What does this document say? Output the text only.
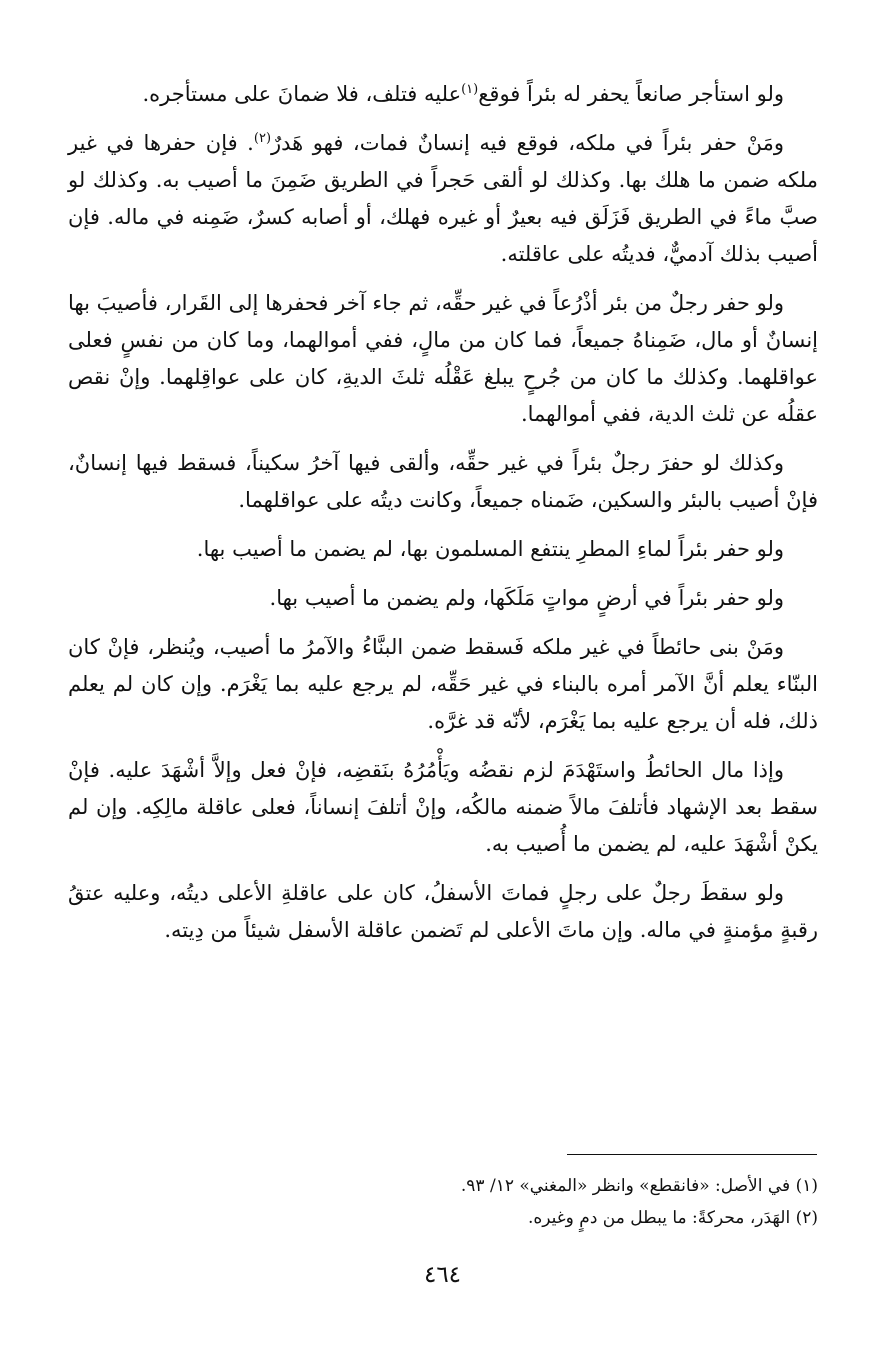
ولو استأجر صانعاً يحفر له بئراً فوقع$^{(١)}$عليه فتلف، فلا ضمانَ على مستأجره.

ومَنْ حفر بئراً في ملكه، فوقع فيه إنسانٌ فمات، فهو هَدرٌ$^{(٢)}$. فإن حفرها في غير ملكه ضمن ما هلك بها. وكذلك لو ألقى حَجراً في الطريق ضَمِنَ ما أصيب به. وكذلك لو صبَّ ماءً في الطريق فَزَلَق فيه بعيرٌ أو غيره فهلك، أو أصابه كسرٌ، ضَمِنه في ماله. فإن أصيب بذلك آدميٌّ، فديتُه على عاقلته.

ولو حفر رجلٌ من بئر أذْرُعاً في غير حقِّه، ثم جاء آخر فحفرها إلى القَرار، فأصيبَ بها إنسانٌ أو مال، ضَمِناهُ جميعاً، فما كان من مالٍ، ففي أموالهما، وما كان من نفسٍ فعلى عواقلهما. وكذلك ما كان من جُرحٍ يبلغ عَقْلُه ثلثَ الديةِ، كان على عواقِلهما. وإنْ نقص عقلُه عن ثلث الدية، ففي أموالهما.

وكذلك لو حفرَ رجلٌ بئراً في غير حقِّه، وألقى فيها آخرُ سكيناً، فسقط فيها إنسانٌ، فإنْ أصيب بالبئر والسكين، ضَمناه جميعاً، وكانت ديتُه على عواقلهما.

ولو حفر بئراً لماءِ المطرِ ينتفع المسلمون بها، لم يضمن ما أصيب بها.

ولو حفر بئراً في أرضٍ مواتٍ مَلَكَها، ولم يضمن ما أصيب بها.

ومَنْ بنى حائطاً في غير ملكه فَسقط ضمن البنَّاءُ والآمرُ ما أصيب، ويُنظر، فإنْ كان البنّاء يعلم أنَّ الآمر أمره بالبناء في غير حَقِّه، لم يرجع عليه بما يَغْرَم. وإن كان لم يعلم ذلك، فله أن يرجع عليه بما يَغْرَم، لأنّه قد غرَّه.

وإذا مال الحائطُ واستَهْدَمَ لزم نقضُه ويَأْمُرُهُ بنَقضِه، فإنْ فعل وإلاَّ أشْهَدَ عليه. فإنْ سقط بعد الإشهاد فأتلفَ مالاً ضمنه مالكُه، وإنْ أتلفَ إنساناً، فعلى عاقلة مالِكِه. وإن لم يكنْ أشْهَدَ عليه، لم يضمن ما أُصيب به.

ولو سقطَ رجلٌ على رجلٍ فماتَ الأسفلُ، كان على عاقلةِ الأعلى ديتُه، وعليه عتقُ رقبةٍ مؤمنةٍ في ماله. وإن ماتَ الأعلى لم تَضمن عاقلة الأسفل شيئاً من دِيته.

(١) في الأصل: «فانقطع» وانظر «المغني» ١٢/ ٩٣.

(٢) الهَدَر، محركةً: ما يبطل من دمٍ وغيره.

٤٦٤
